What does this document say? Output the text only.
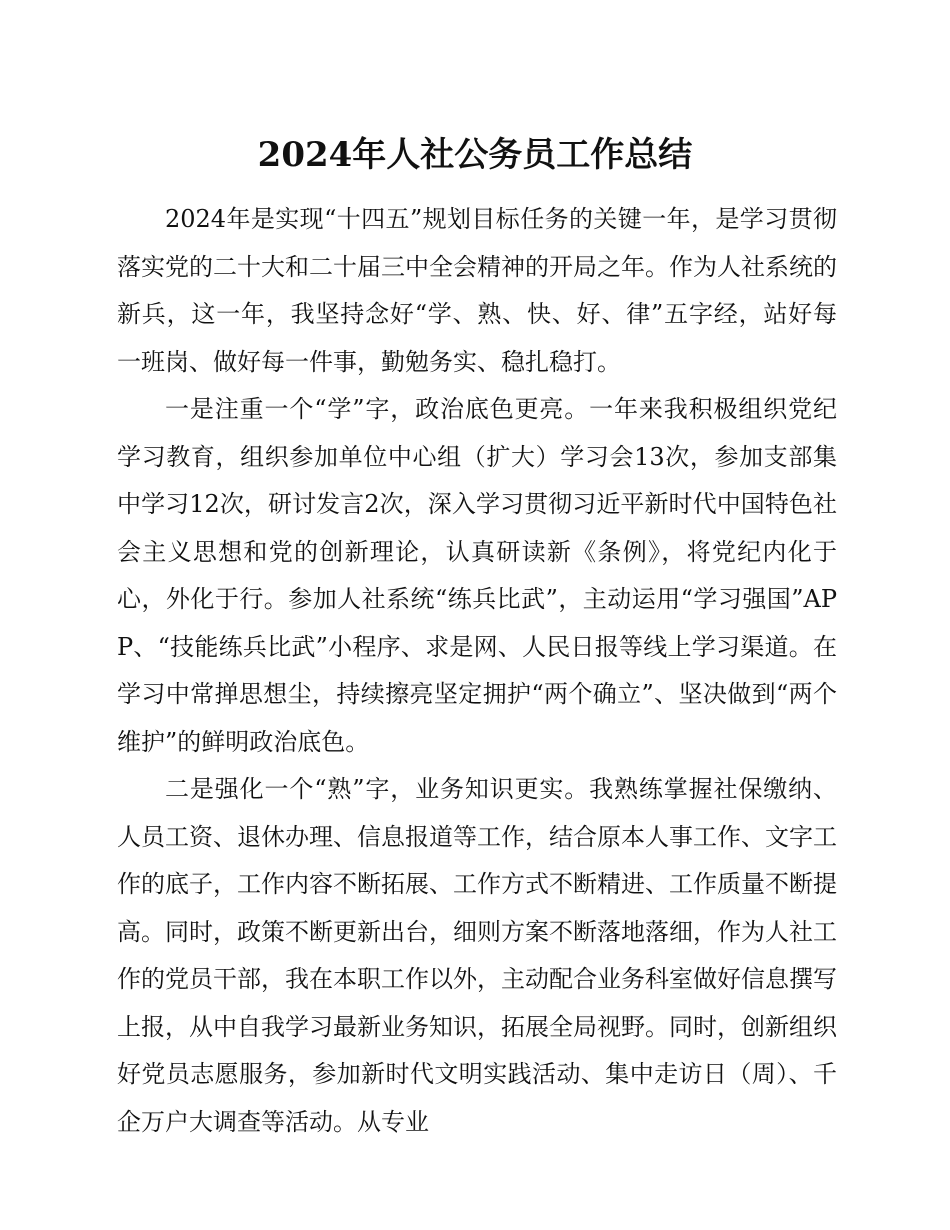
2024年人社公务员工作总结

2024年是实现“十四五”规划目标任务的关键一年，是学习贯彻落实党的二十大和二十届三中全会精神的开局之年。作为人社系统的新兵，这一年，我坚持念好“学、熟、快、好、律”五字经，站好每一班岗、做好每一件事，勤勉务实、稳扎稳打。

一是注重一个“学”字，政治底色更亮。一年来我积极组织党纪学习教育，组织参加单位中心组（扩大）学习会13次，参加支部集中学习12次，研讨发言2次，深入学习贯彻习近平新时代中国特色社会主义思想和党的创新理论，认真研读新《条例》，将党纪内化于心，外化于行。参加人社系统“练兵比武”，主动运用“学习强国”APP、“技能练兵比武”小程序、求是网、人民日报等线上学习渠道。在学习中常掸思想尘，持续擦亮坚定拥护“两个确立”、坚决做到“两个维护”的鲜明政治底色。

二是强化一个“熟”字，业务知识更实。我熟练掌握社保缴纳、人员工资、退休办理、信息报道等工作，结合原本人事工作、文字工作的底子，工作内容不断拓展、工作方式不断精进、工作质量不断提高。同时，政策不断更新出台，细则方案不断落地落细，作为人社工作的党员干部，我在本职工作以外，主动配合业务科室做好信息撰写上报，从中自我学习最新业务知识，拓展全局视野。同时，创新组织好党员志愿服务，参加新时代文明实践活动、集中走访日（周）、千企万户大调查等活动。从专业
